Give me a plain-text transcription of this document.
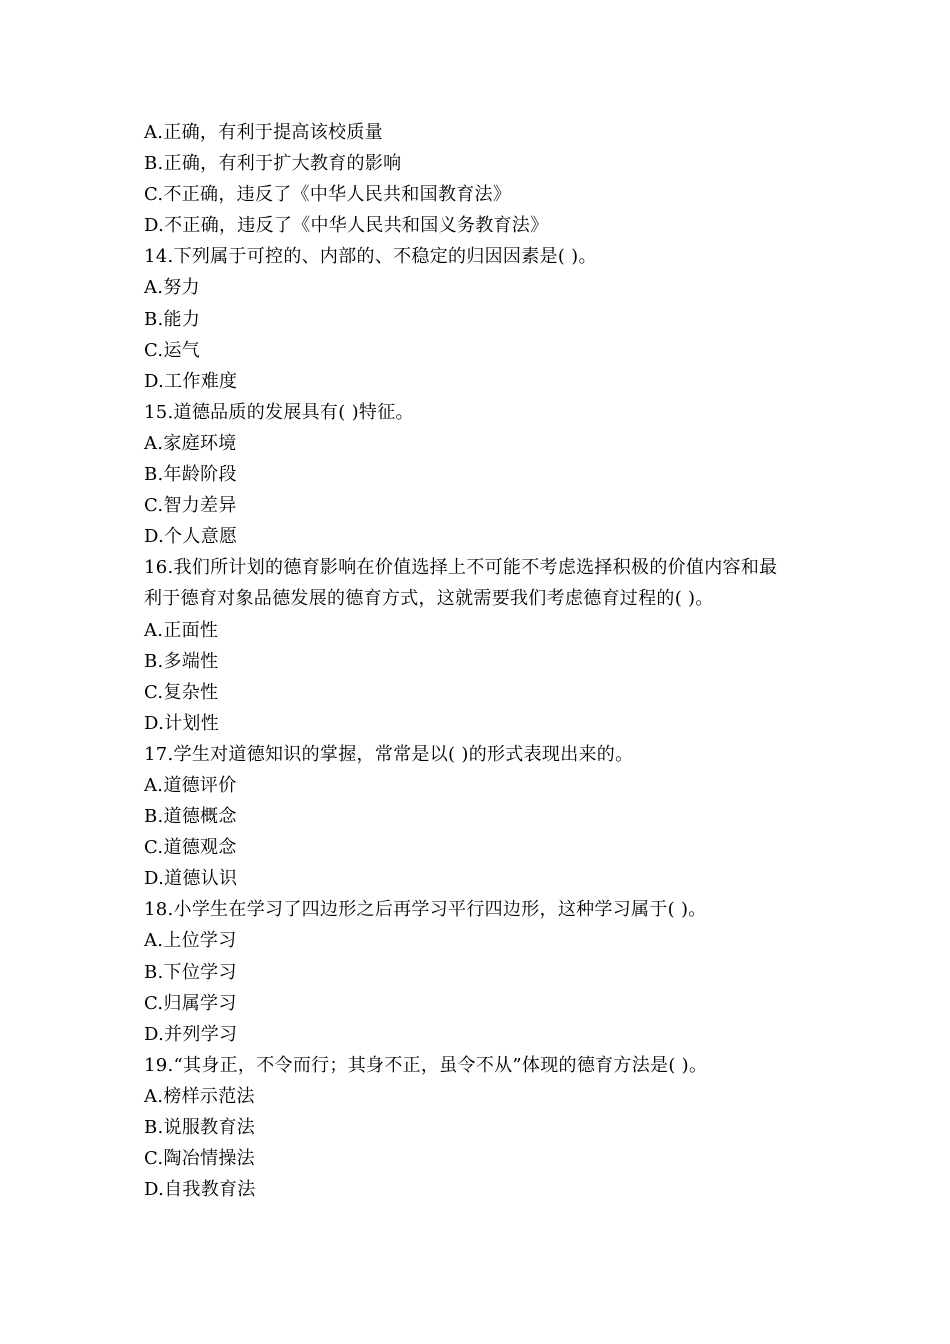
A.正确，有利于提高该校质量
B.正确，有利于扩大教育的影响
C.不正确，违反了《中华人民共和国教育法》
D.不正确，违反了《中华人民共和国义务教育法》
14.下列属于可控的、内部的、不稳定的归因因素是( )。
A.努力
B.能力
C.运气
D.工作难度
15.道德品质的发展具有( )特征。
A.家庭环境
B.年龄阶段
C.智力差异
D.个人意愿
16.我们所计划的德育影响在价值选择上不可能不考虑选择积极的价值内容和最
利于德育对象品德发展的德育方式，这就需要我们考虑德育过程的( )。
A.正面性
B.多端性
C.复杂性
D.计划性
17.学生对道德知识的掌握，常常是以( )的形式表现出来的。
A.道德评价
B.道德概念
C.道德观念
D.道德认识
18.小学生在学习了四边形之后再学习平行四边形，这种学习属于( )。
A.上位学习
B.下位学习
C.归属学习
D.并列学习
19.“其身正，不令而行；其身不正，虽令不从”体现的德育方法是( )。
A.榜样示范法
B.说服教育法
C.陶冶情操法
D.自我教育法
